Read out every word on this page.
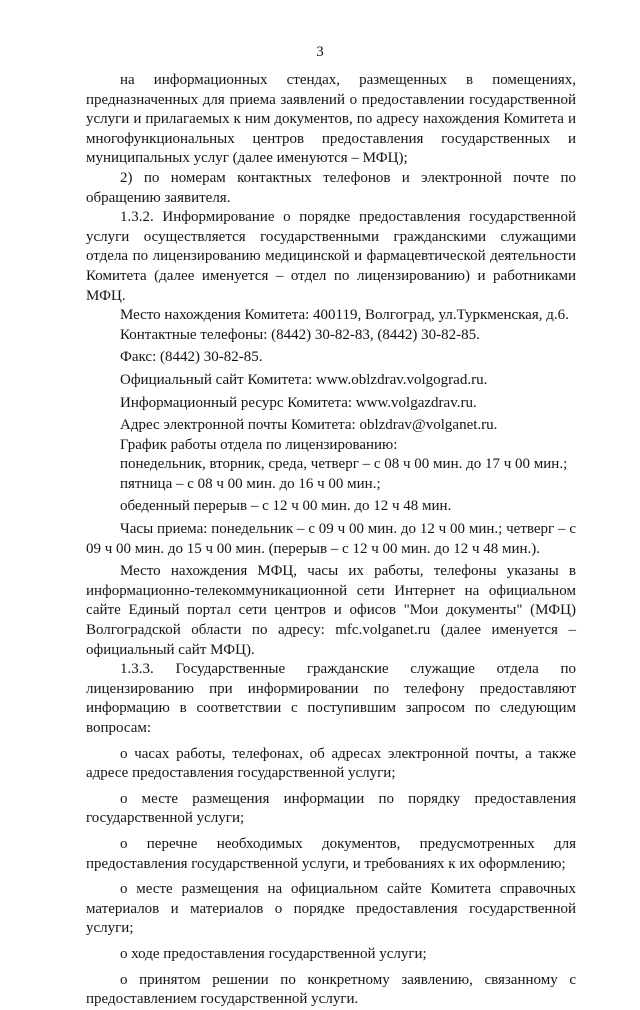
3

на информационных стендах, размещенных в помещениях, предназначенных для приема заявлений о предоставлении государственной услуги и прилагаемых к ним документов, по адресу нахождения Комитета и многофункциональных центров предоставления государственных и муниципальных услуг (далее именуются – МФЦ);

2) по номерам контактных телефонов и электронной почте по обращению заявителя.

1.3.2. Информирование о порядке предоставления государственной услуги осуществляется государственными гражданскими служащими отдела по лицензированию медицинской и фармацевтической деятельности Комитета (далее именуется – отдел по лицензированию) и работниками МФЦ.

Место нахождения Комитета: 400119, Волгоград, ул.Туркменская, д.6.

Контактные телефоны: (8442) 30-82-83, (8442) 30-82-85.

Факс: (8442) 30-82-85.

Официальный сайт Комитета: www.oblzdrav.volgograd.ru.

Информационный ресурс Комитета: www.volgazdrav.ru.

Адрес электронной почты Комитета: oblzdrav@volganet.ru.

График работы отдела по лицензированию:

понедельник, вторник, среда, четверг – с 08 ч 00 мин. до 17 ч 00 мин.;

пятница – с 08 ч 00 мин. до 16 ч 00 мин.;

обеденный перерыв – с 12 ч 00 мин. до 12 ч 48 мин.

Часы приема: понедельник – с 09 ч 00 мин. до 12 ч 00 мин.; четверг – с 09 ч 00 мин. до 15 ч 00 мин. (перерыв – с 12 ч 00 мин. до 12 ч 48 мин.).

Место нахождения МФЦ, часы их работы, телефоны указаны в информационно-телекоммуникационной сети Интернет на официальном сайте Единый портал сети центров и офисов "Мои документы" (МФЦ) Волгоградской области по адресу: mfc.volganet.ru (далее именуется – официальный сайт МФЦ).

1.3.3. Государственные гражданские служащие отдела по лицензированию при информировании по телефону предоставляют информацию в соответствии с поступившим запросом по следующим вопросам:

о часах работы, телефонах, об адресах электронной почты, а также адресе предоставления государственной услуги;

о месте размещения информации по порядку предоставления государственной услуги;

о перечне необходимых документов, предусмотренных для предоставления государственной услуги, и требованиях к их оформлению;

о месте размещения на официальном сайте Комитета справочных материалов и материалов о порядке предоставления государственной услуги;

о ходе предоставления государственной услуги;

о принятом решении по конкретному заявлению, связанному с предоставлением государственной услуги.
